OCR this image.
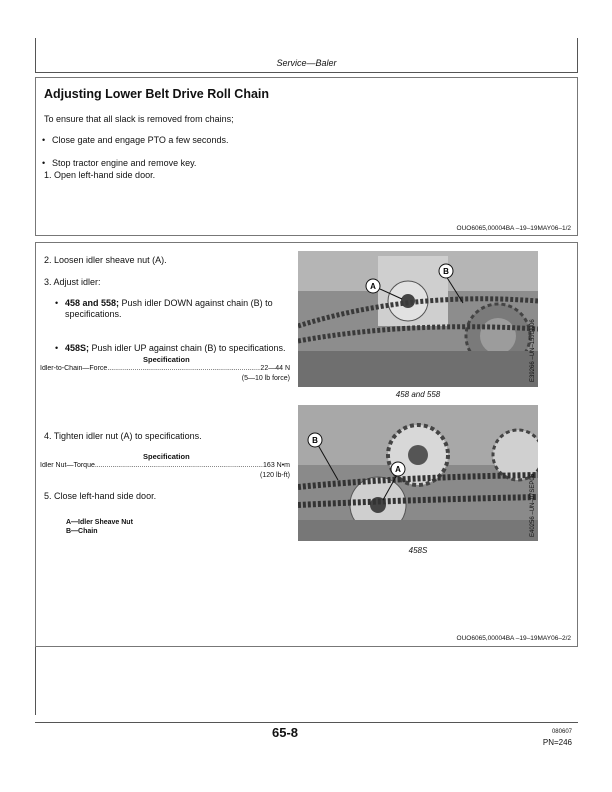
Service—Baler
Adjusting Lower Belt Drive Roll Chain
To ensure that all slack is removed from chains;
• Close gate and engage PTO a few seconds.
• Stop tractor engine and remove key.
1. Open left-hand side door.
OUO6065,00004BA –19–19MAY06–1/2
2. Loosen idler sheave nut (A).
3. Adjust idler:
• 458 and 558; Push idler DOWN against chain (B) to specifications.
• 458S; Push idler UP against chain (B) to specifications.
Specification
Idler-to-Chain—Force .....	22—44 N
(5—10 lb force)
4. Tighten idler nut (A) to specifications.
Specification
Idler Nut—Torque .....	163 N•m
(120 lb-ft)
5. Close left-hand side door.
A—Idler Sheave Nut
B—Chain
OUO6065,00004BA –19–19MAY06–2/2
A
B
E39266 –UN–15JUN06
458 and 558
B
A
E40256 –UN–07SEP06
458S
65-8	080607
PN=246
